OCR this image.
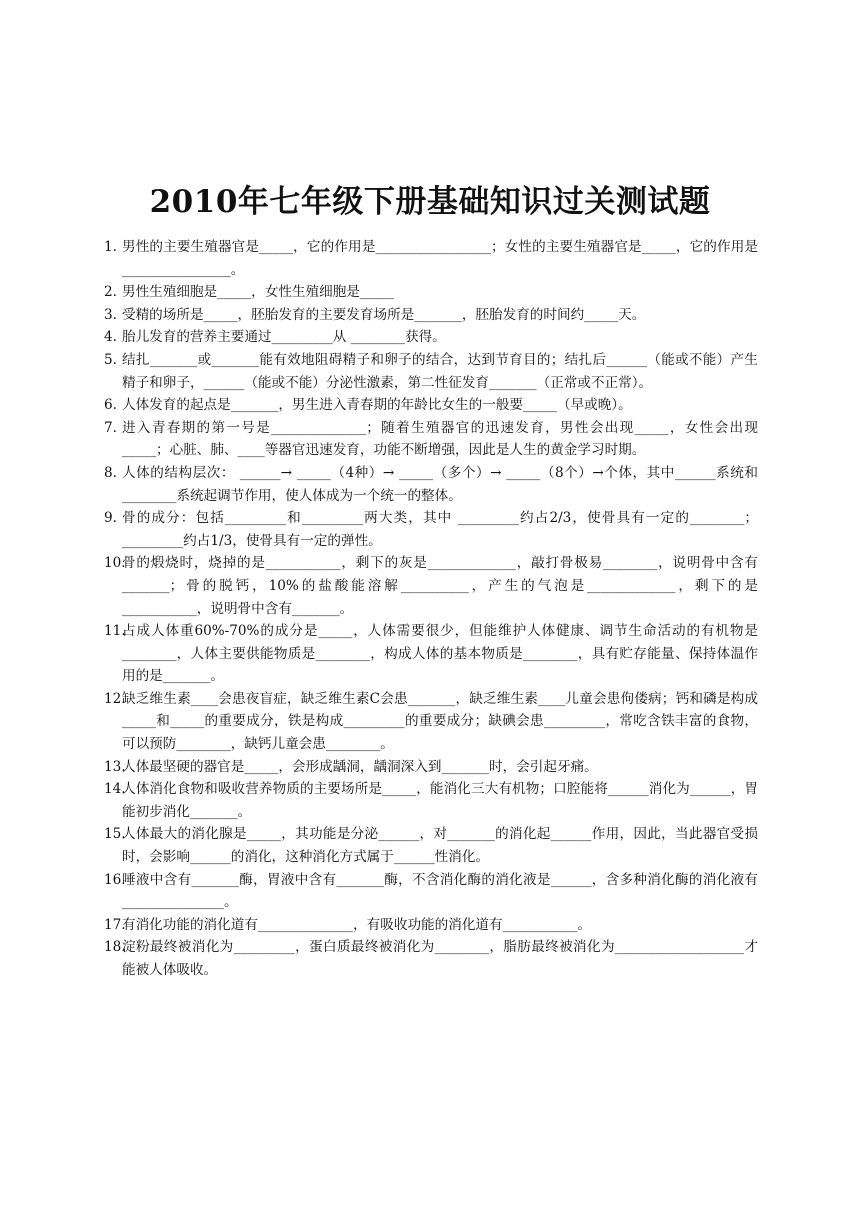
2010年七年级下册基础知识过关测试题
1. 男性的主要生殖器官是_____，它的作用是_________________；女性的主要生殖器官是_____，它的作用是________________。
2. 男性生殖细胞是_____，女性生殖细胞是_____
3. 受精的场所是_____，胚胎发育的主要发育场所是_______，胚胎发育的时间约_____天。
4. 胎儿发育的营养主要通过_________从 ________获得。
5. 结扎_______或_______能有效地阻碍精子和卵子的结合，达到节育目的；结扎后______（能或不能）产生精子和卵子，______（能或不能）分泌性激素，第二性征发育_______（正常或不正常）。
6. 人体发育的起点是_______，男生进入青春期的年龄比女生的一般要_____（早或晚）。
7. 进入青春期的第一号是______________；随着生殖器官的迅速发育，男性会出现_____，女性会出现_____；心脏、肺、____等器官迅速发育，功能不断增强，因此是人生的黄金学习时期。
8. 人体的结构层次： ______→ _____（4种）→ _____（多个）→ _____（8个）→个体，其中______系统和________系统起调节作用，使人体成为一个统一的整体。
9. 骨的成分：包括_________和_________两大类，其中 _________约占2/3，使骨具有一定的________；_________约占1/3，使骨具有一定的弹性。
10.
骨的煅烧时，烧掉的是___________，剩下的灰是_____________，敲打骨极易________，说明骨中含有_______；骨的脱钙，10%的盐酸能溶解__________，产生的气泡是_____________，剩下的是___________，说明骨中含有_______。
11.
占成人体重60%-70%的成分是_____，人体需要很少，但能维护人体健康、调节生命活动的有机物是________，人体主要供能物质是________，构成人体的基本物质是________，具有贮存能量、保持体温作用的是_______。
12.
缺乏维生素____会患夜盲症，缺乏维生素C会患_______，缺乏维生素____儿童会患佝偻病；钙和磷是构成_____和_____的重要成分，铁是构成_________的重要成分；缺碘会患_________，常吃含铁丰富的食物，可以预防________，缺钙儿童会患________。
13.
人体最坚硬的器官是_____，会形成龋洞，龋洞深入到_______时，会引起牙痛。
14.
人体消化食物和吸收营养物质的主要场所是_____，能消化三大有机物；口腔能将______消化为______，胃能初步消化_______。
15.
人体最大的消化腺是_____，其功能是分泌______，对_______的消化起______作用，因此，当此器官受损时，会影响______的消化，这种消化方式属于______性消化。
16.
唾液中含有_______酶，胃液中含有_______酶，不含消化酶的消化液是______，含多种消化酶的消化液有_______________。
17.
有消化功能的消化道有______________，有吸收功能的消化道有___________。
18.
淀粉最终被消化为_________，蛋白质最终被消化为________，脂肪最终被消化为___________________才能被人体吸收。
